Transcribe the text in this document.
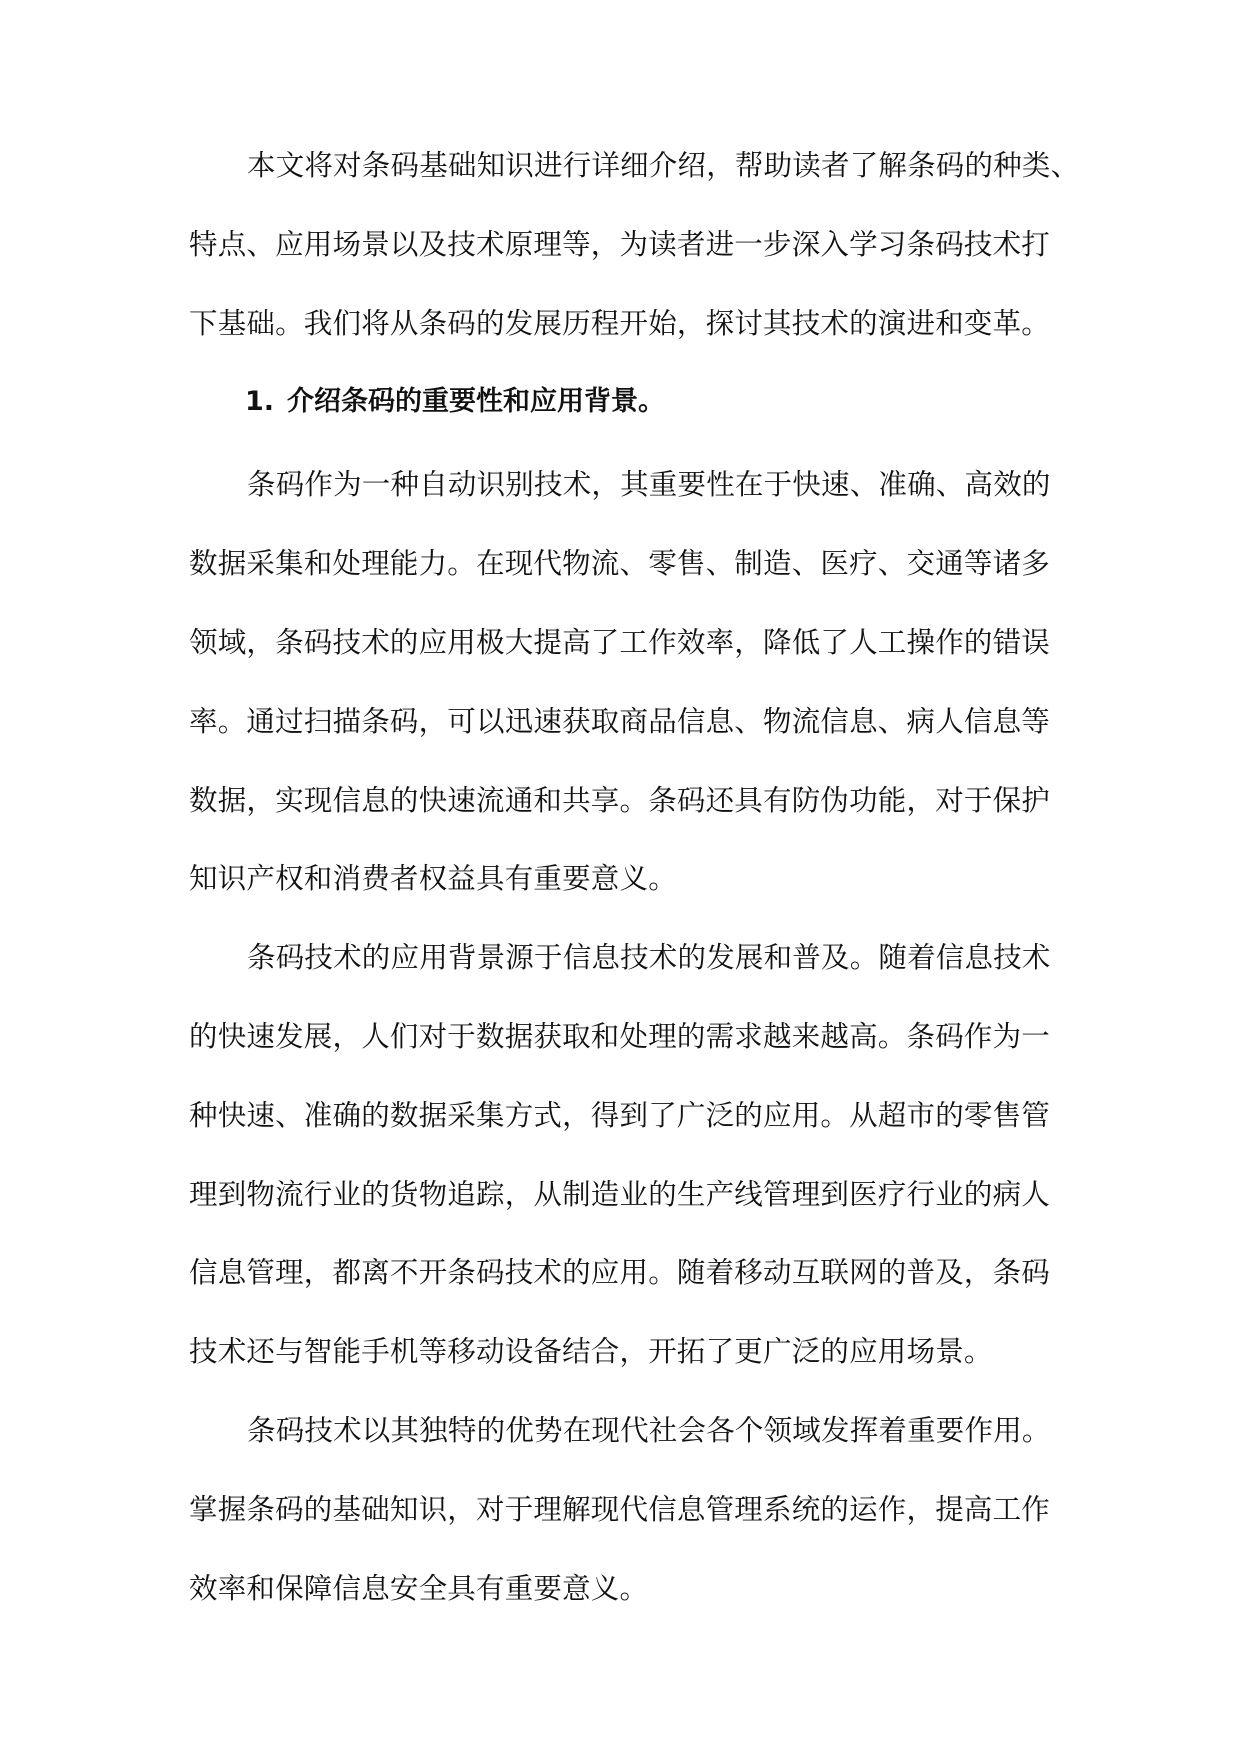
本文将对条码基础知识进行详细介绍，帮助读者了解条码的种类、
特点、应用场景以及技术原理等，为读者进一步深入学习条码技术打
下基础。我们将从条码的发展历程开始，探讨其技术的演进和变革。
1. 介绍条码的重要性和应用背景。
条码作为一种自动识别技术，其重要性在于快速、准确、高效的
数据采集和处理能力。在现代物流、零售、制造、医疗、交通等诸多
领域，条码技术的应用极大提高了工作效率，降低了人工操作的错误
率。通过扫描条码，可以迅速获取商品信息、物流信息、病人信息等
数据，实现信息的快速流通和共享。条码还具有防伪功能，对于保护
知识产权和消费者权益具有重要意义。
条码技术的应用背景源于信息技术的发展和普及。随着信息技术
的快速发展，人们对于数据获取和处理的需求越来越高。条码作为一
种快速、准确的数据采集方式，得到了广泛的应用。从超市的零售管
理到物流行业的货物追踪，从制造业的生产线管理到医疗行业的病人
信息管理，都离不开条码技术的应用。随着移动互联网的普及，条码
技术还与智能手机等移动设备结合，开拓了更广泛的应用场景。
条码技术以其独特的优势在现代社会各个领域发挥着重要作用。
掌握条码的基础知识，对于理解现代信息管理系统的运作，提高工作
效率和保障信息安全具有重要意义。
